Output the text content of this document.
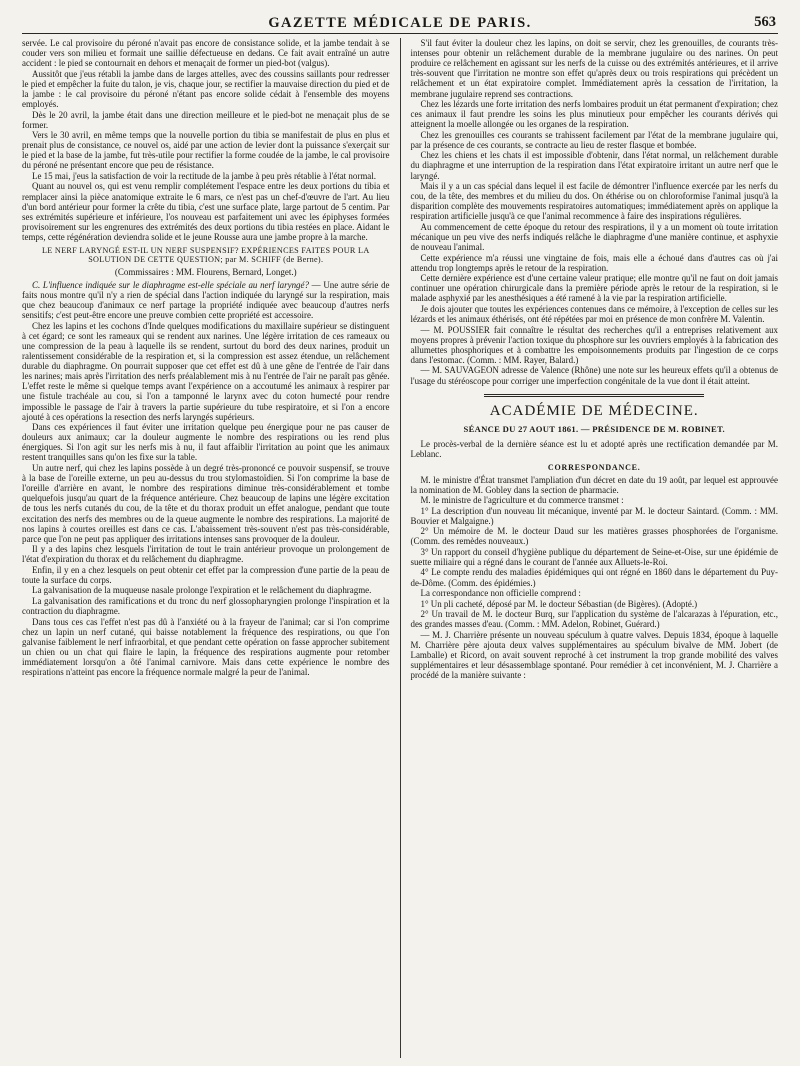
GAZETTE MÉDICALE DE PARIS.	563

servée. Le cal provisoire du péroné n'avait pas encore de consistance solide, et la jambe tendait à se couder vers son milieu et formait une saillie défectueuse en dedans. Ce fait avait entraîné un autre accident : le pied se contournait en dehors et menaçait de former un pied-bot (valgus).

Aussitôt que j'eus rétabli la jambe dans de larges attelles, avec des coussins saillants pour redresser le pied et empêcher la fuite du talon, je vis, chaque jour, se rectifier la mauvaise direction du pied et de la jambe : le cal provisoire du péroné n'étant pas encore solide cédait à l'ensemble des moyens employés.

Dès le 20 avril, la jambe était dans une direction meilleure et le pied-bot ne menaçait plus de se former.

Vers le 30 avril, en même temps que la nouvelle portion du tibia se manifestait de plus en plus et prenait plus de consistance, ce nouvel os, aidé par une action de levier dont la puissance s'exerçait sur le pied et la base de la jambe, fut très-utile pour rectifier la forme coudée de la jambe, le cal provisoire du péroné ne présentant encore que peu de résistance.

Le 15 mai, j'eus la satisfaction de voir la rectitude de la jambe à peu près rétablie à l'état normal.

Quant au nouvel os, qui est venu remplir complétement l'espace entre les deux portions du tibia et remplacer ainsi la pièce anatomique extraite le 6 mars, ce n'est pas un chef-d'œuvre de l'art. Au lieu d'un bord antérieur pour former la crête du tibia, c'est une surface plate, large partout de 5 centim. Par ses extrémités supérieure et inférieure, l'os nouveau est parfaitement uni avec les épiphyses formées provisoirement sur les engrenures des extrémités des deux portions du tibia restées en place. Aidant le temps, cette régénération deviendra solide et le jeune Rousse aura une jambe propre à la marche.

LE NERF LARYNGÉ EST-IL UN NERF SUSPENSIF? EXPÉRIENCES FAITES POUR LA SOLUTION DE CETTE QUESTION; par M. SCHIFF (de Berne).
(Commissaires : MM. Flourens, Bernard, Longet.)

C. L'influence indiquée sur le diaphragme est-elle spéciale au nerf laryngé? — Une autre série de faits nous montre qu'il n'y a rien de spécial dans l'action indiquée du laryngé sur la respiration, mais que chez beaucoup d'animaux ce nerf partage la propriété indiquée avec beaucoup d'autres nerfs sensitifs; c'est peut-être encore une preuve combien cette propriété est accessoire.

Chez les lapins et les cochons d'Inde quelques modifications du maxillaire supérieur se distinguent à cet égard; ce sont les rameaux qui se rendent aux narines. Une légère irritation de ces rameaux ou une compression de la peau à laquelle ils se rendent, surtout du bord des deux narines, produit un ralentissement considérable de la respiration et, si la compression est assez étendue, un relâchement durable du diaphragme. On pourrait supposer que cet effet est dû à une gêne de l'entrée de l'air dans les narines; mais après l'irritation des nerfs préalablement mis à nu l'entrée de l'air ne paraît pas gênée. L'effet reste le même si quelque temps avant l'expérience on a accoutumé les animaux à respirer par une fistule trachéale au cou, si l'on a tamponné le larynx avec du coton humecté pour rendre impossible le passage de l'air à travers la partie supérieure du tube respiratoire, et si l'on a encore ajouté à ces opérations la resection des nerfs laryngés supérieurs.

Dans ces expériences il faut éviter une irritation quelque peu énergique pour ne pas causer de douleurs aux animaux; car la douleur augmente le nombre des respirations ou les rend plus énergiques. Si l'on agit sur les nerfs mis à nu, il faut affaiblir l'irritation au point que les animaux restent tranquilles sans qu'on les fixe sur la table.

Un autre nerf, qui chez les lapins possède à un degré très-prononcé ce pouvoir suspensif, se trouve à la base de l'oreille externe, un peu au-dessus du trou stylomastoïdien. Si l'on comprime la base de l'oreille d'arrière en avant, le nombre des respirations diminue très-considérablement et tombe quelquefois jusqu'au quart de la fréquence antérieure. Chez beaucoup de lapins une légère excitation de tous les nerfs cutanés du cou, de la tête et du thorax produit un effet analogue, pendant que toute excitation des nerfs des membres ou de la queue augmente le nombre des respirations. La majorité de nos lapins à courtes oreilles est dans ce cas. L'abaissement très-souvent n'est pas très-considérable, parce que l'on ne peut pas appliquer des irritations intenses sans provoquer de la douleur.

Il y a des lapins chez lesquels l'irritation de tout le train antérieur provoque un prolongement de l'état d'expiration du thorax et du relâchement du diaphragme.

Enfin, il y en a chez lesquels on peut obtenir cet effet par la compression d'une partie de la peau de toute la surface du corps.

La galvanisation de la muqueuse nasale prolonge l'expiration et le relâchement du diaphragme.

La galvanisation des ramifications et du tronc du nerf glossopharyngien prolonge l'inspiration et la contraction du diaphragme.

Dans tous ces cas l'effet n'est pas dû à l'anxiété ou à la frayeur de l'animal; car si l'on comprime chez un lapin un nerf cutané, qui baisse notablement la fréquence des respirations, ou que l'on galvanise faiblement le nerf infraorbital, et que pendant cette opération on fasse approcher subitement un chien ou un chat qui flaire le lapin, la fréquence des respirations augmente pour retomber immédiatement lorsqu'on a ôté l'animal carnivore. Mais dans cette expérience le nombre des respirations n'atteint pas encore la fréquence normale malgré la peur de l'animal.

S'il faut éviter la douleur chez les lapins, on doit se servir, chez les grenouilles, de courants très-intenses pour obtenir un relâchement durable de la membrane jugulaire ou des narines. On peut produire ce relâchement en agissant sur les nerfs de la cuisse ou des extrémités antérieures, et il arrive très-souvent que l'irritation ne montre son effet qu'après deux ou trois respirations qui précèdent un relâchement et un état expiratoire complet. Immédiatement après la cessation de l'irritation, la membrane jugulaire reprend ses contractions.

Chez les lézards une forte irritation des nerfs lombaires produit un état permanent d'expiration; chez ces animaux il faut prendre les soins les plus minutieux pour empêcher les courants dérivés qui atteignent la moelle allongée ou les organes de la respiration.

Chez les grenouilles ces courants se trahissent facilement par l'état de la membrane jugulaire qui, par la présence de ces courants, se contracte au lieu de rester flasque et bombée.

Chez les chiens et les chats il est impossible d'obtenir, dans l'état normal, un relâchement durable du diaphragme et une interruption de la respiration dans l'état expiratoire irritant un autre nerf que le laryngé.

Mais il y a un cas spécial dans lequel il est facile de démontrer l'influence exercée par les nerfs du cou, de la tête, des membres et du milieu du dos. On éthérise ou on chloroformise l'animal jusqu'à la disparition complète des mouvements respiratoires automatiques; immédiatement après on applique la respiration artificielle jusqu'à ce que l'animal recommence à faire des inspirations régulières.

Au commencement de cette époque du retour des respirations, il y a un moment où toute irritation mécanique un peu vive des nerfs indiqués relâche le diaphragme d'une manière continue, et asphyxie de nouveau l'animal.

Cette expérience m'a réussi une vingtaine de fois, mais elle a échoué dans d'autres cas où j'ai attendu trop longtemps après le retour de la respiration.

Cette dernière expérience est d'une certaine valeur pratique; elle montre qu'il ne faut on doit jamais continuer une opération chirurgicale dans la première période après le retour de la respiration, si le malade asphyxié par les anesthésiques a été ramené à la vie par la respiration artificielle.

Je dois ajouter que toutes les expériences contenues dans ce mémoire, à l'exception de celles sur les lézards et les animaux éthérisés, ont été répétées par moi en présence de mon confrère M. Valentin.

— M. POUSSIER fait connaître le résultat des recherches qu'il a entreprises relativement aux moyens propres à prévenir l'action toxique du phosphore sur les ouvriers employés à la fabrication des allumettes phosphoriques et à combattre les empoisonnements produits par l'ingestion de ce corps dans l'estomac. (Comm. : MM. Rayer, Balard.)

— M. SAUVAGEON adresse de Valence (Rhône) une note sur les heureux effets qu'il a obtenus de l'usage du stéréoscope pour corriger une imperfection congénitale de la vue dont il était atteint.

ACADÉMIE DE MÉDECINE.
SÉANCE DU 27 AOUT 1861. — PRÉSIDENCE DE M. ROBINET.

Le procès-verbal de la dernière séance est lu et adopté après une rectification demandée par M. Leblanc.

CORRESPONDANCE.

M. le ministre d'État transmet l'ampliation d'un décret en date du 19 août, par lequel est approuvée la nomination de M. Gobley dans la section de pharmacie.

M. le ministre de l'agriculture et du commerce transmet :

1° La description d'un nouveau lit mécanique, inventé par M. le docteur Saintard. (Comm. : MM. Bouvier et Malgaigne.)

2° Un mémoire de M. le docteur Daud sur les matières grasses phosphorées de l'organisme. (Comm. des remèdes nouveaux.)

3° Un rapport du conseil d'hygiène publique du département de Seine-et-Oise, sur une épidémie de suette miliaire qui a régné dans le courant de l'année aux Alluets-le-Roi.

4° Le compte rendu des maladies épidémiques qui ont régné en 1860 dans le département du Puy-de-Dôme. (Comm. des épidémies.)

La correspondance non officielle comprend :

1° Un pli cacheté, déposé par M. le docteur Sébastian (de Bigères). (Adopté.)

2° Un travail de M. le docteur Burq, sur l'application du système de l'alcarazas à l'épuration, etc., des grandes masses d'eau. (Comm. : MM. Adelon, Robinet, Guérard.)

— M. J. Charrière présente un nouveau spéculum à quatre valves. Depuis 1834, époque à laquelle M. Charrière père ajouta deux valves supplémentaires au spéculum bivalve de MM. Jobert (de Lamballe) et Ricord, on avait souvent reproché à cet instrument la trop grande mobilité des valves supplémentaires et leur désassemblage spontané. Pour remédier à cet inconvénient, M. J. Charrière a procédé de la manière suivante :
